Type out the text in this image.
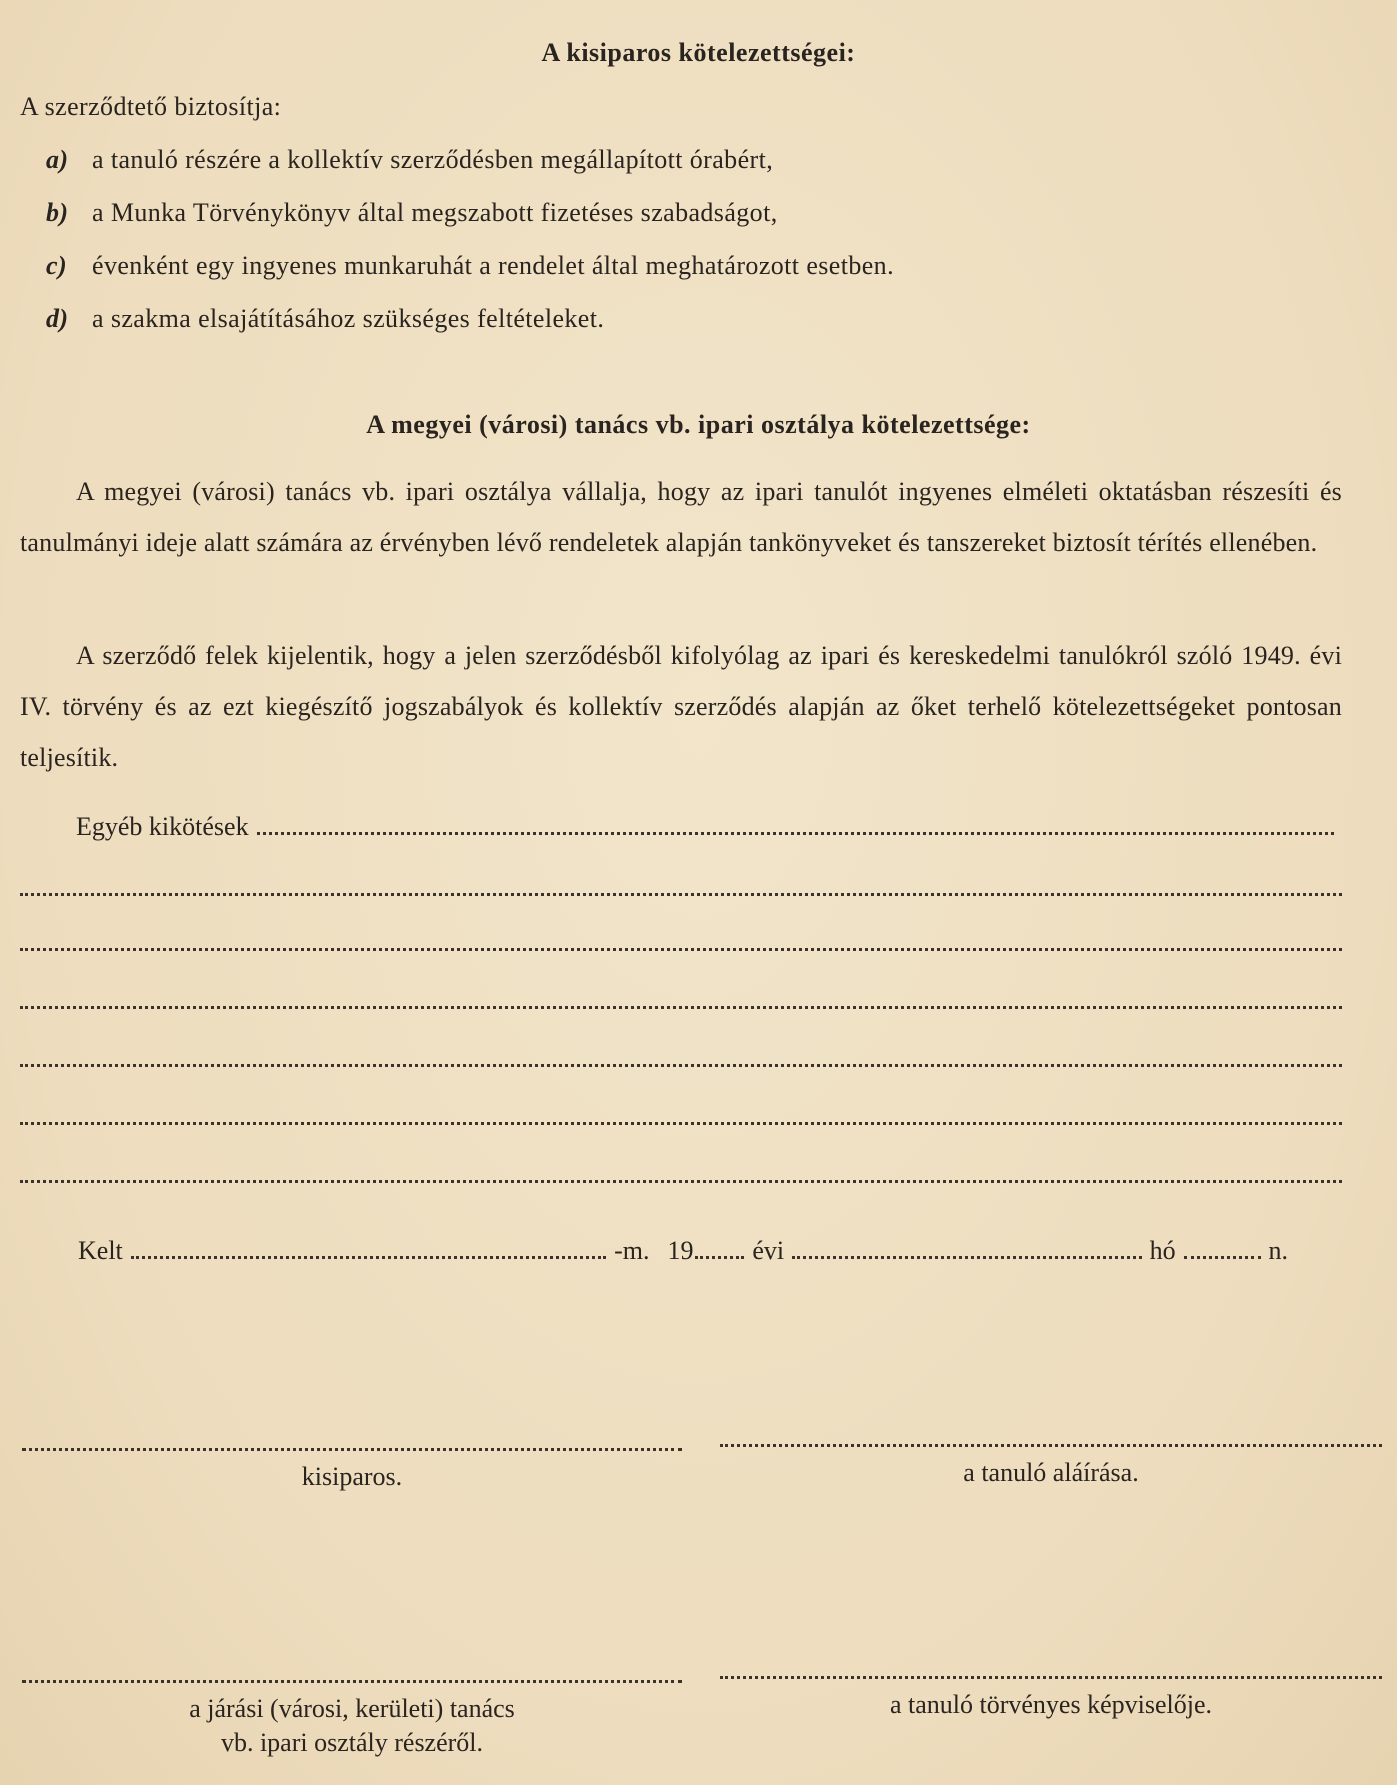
A kisiparos kötelezettségei:
A szerződtető biztosítja:
a) a tanuló részére a kollektív szerződésben megállapított órabért,
b) a Munka Törvénykönyv által megszabott fizetéses szabadságot,
c) évenként egy ingyenes munkaruhát a rendelet által meghatározott esetben.
d) a szakma elsajátításához szükséges feltételeket.
A megyei (városi) tanács vb. ipari osztálya kötelezettsége:
A megyei (városi) tanács vb. ipari osztálya vállalja, hogy az ipari tanulót ingyenes elméleti oktatásban részesíti és tanulmányi ideje alatt számára az érvényben lévő rendeletek alapján tankönyveket és tanszereket biztosít térítés ellenében.
A szerződő felek kijelentik, hogy a jelen szerződésből kifolyólag az ipari és kereskedelmi tanulókról szóló 1949. évi IV. törvény és az ezt kiegészítő jogszabályok és kollektív szerződés alapján az őket terhelő kötelezettségeket pontosan teljesítik.
Egyéb kikötések
Kelt	-m. 19 évi	hó	n.
kisiparos.	a tanuló aláírása.
a járási (városi, kerületi) tanács
vb. ipari osztály részéről.
a tanuló törvényes képviselője.
